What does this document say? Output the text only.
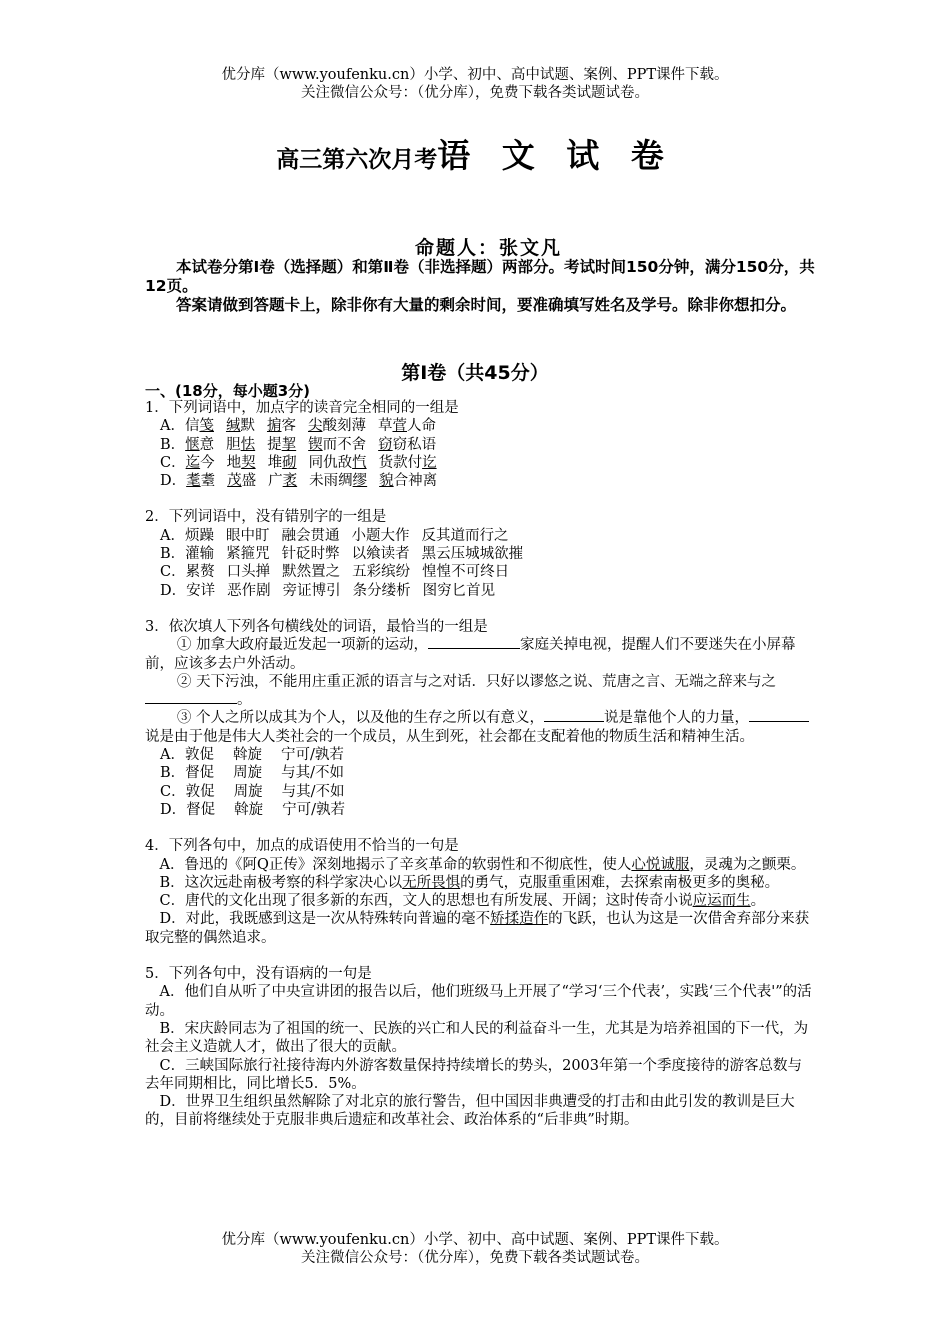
优分库（www.youfenku.cn）小学、初中、高中试题、案例、PPT课件下载。
关注微信公众号：（优分库），免费下载各类试题试卷。
高三第六次月考语 文 试 卷
命题人：张文凡

本试卷分第Ⅰ卷（选择题）和第Ⅱ卷（非选择题）两部分。考试时间150分钟，满分150分，共12页。

答案请做到答题卡上，除非你有大量的剩余时间，要准确填写姓名及学号。除非你想扣分。

第Ⅰ卷（共45分）
一、(18分，每小题3分)

1．下列词语中，加点字的读音完全相同的一组是

A．信笺 缄默 掮客 尖酸刻薄 草菅人命

B．惬意 胆怯 提挈 锲而不舍 窃窃私语

C．迄今 地契 堆砌 同仇敌忾 货款付讫

D．耄耋 茂盛 广袤 未雨绸缪 貌合神离

2．下列词语中，没有错别字的一组是

A．烦躁 眼中盯 融会贯通 小题大作 反其道而行之

B．灌输 紧箍咒 针砭时弊 以飨读者 黑云压城城欲摧

C．累赘 口头掸 默然置之 五彩缤纷 惶惶不可终日

D．安详 恶作剧 旁证博引 条分缕析 图穷匕首见

3．依次填人下列各句横线处的词语，最恰当的一组是

① 加拿大政府最近发起一项新的运动，	家庭关掉电视，提醒人们不要迷失在小屏幕前，应该多去户外活动。

② 天下污浊，不能用庄重正派的语言与之对话．只好以谬悠之说、荒唐之言、无端之辞来与之。

③ 个人之所以成其为个人，以及他的生存之所以有意义，	说是靠他个人的力量，说是由于他是伟大人类社会的一个成员，从生到死，社会都在支配着他的物质生活和精神生活。

A．敦促 斡旋 宁可/孰若

B．督促 周旋 与其/不如

C．敦促 周旋 与其/不如

D．督促 斡旋 宁可/孰若

4．下列各句中，加点的成语使用不恰当的一句是

A．鲁迅的《阿Q正传》深刻地揭示了辛亥革命的软弱性和不彻底性，使人心悦诚服，灵魂为之颤栗。

B．这次远赴南极考察的科学家决心以无所畏惧的勇气，克服重重困难，去探索南极更多的奥秘。

C．唐代的文化出现了很多新的东西，文人的思想也有所发展、开阔；这时传奇小说应运而生。

D．对此，我既感到这是一次从特殊转向普遍的毫不矫揉造作的飞跃，也认为这是一次借舍弃部分来获取完整的偶然追求。

5．下列各句中，没有语病的一句是

A．他们自从听了中央宣讲团的报告以后，他们班级马上开展了“学习‘三个代表’，实践‘三个代表'”的活动。

B．宋庆龄同志为了祖国的统一、民族的兴亡和人民的利益奋斗一生，尤其是为培养祖国的下一代，为社会主义造就人才，做出了很大的贡献。

C．三峡国际旅行社接待海内外游客数量保持持续增长的势头，2003年第一个季度接待的游客总数与去年同期相比，同比增长5．5%。

D．世界卫生组织虽然解除了对北京的旅行警告，但中国因非典遭受的打击和由此引发的教训是巨大的，目前将继续处于克服非典后遗症和改革社会、政治体系的“后非典”时期。

优分库（www.youfenku.cn）小学、初中、高中试题、案例、PPT课件下载。
关注微信公众号：（优分库），免费下载各类试题试卷。
